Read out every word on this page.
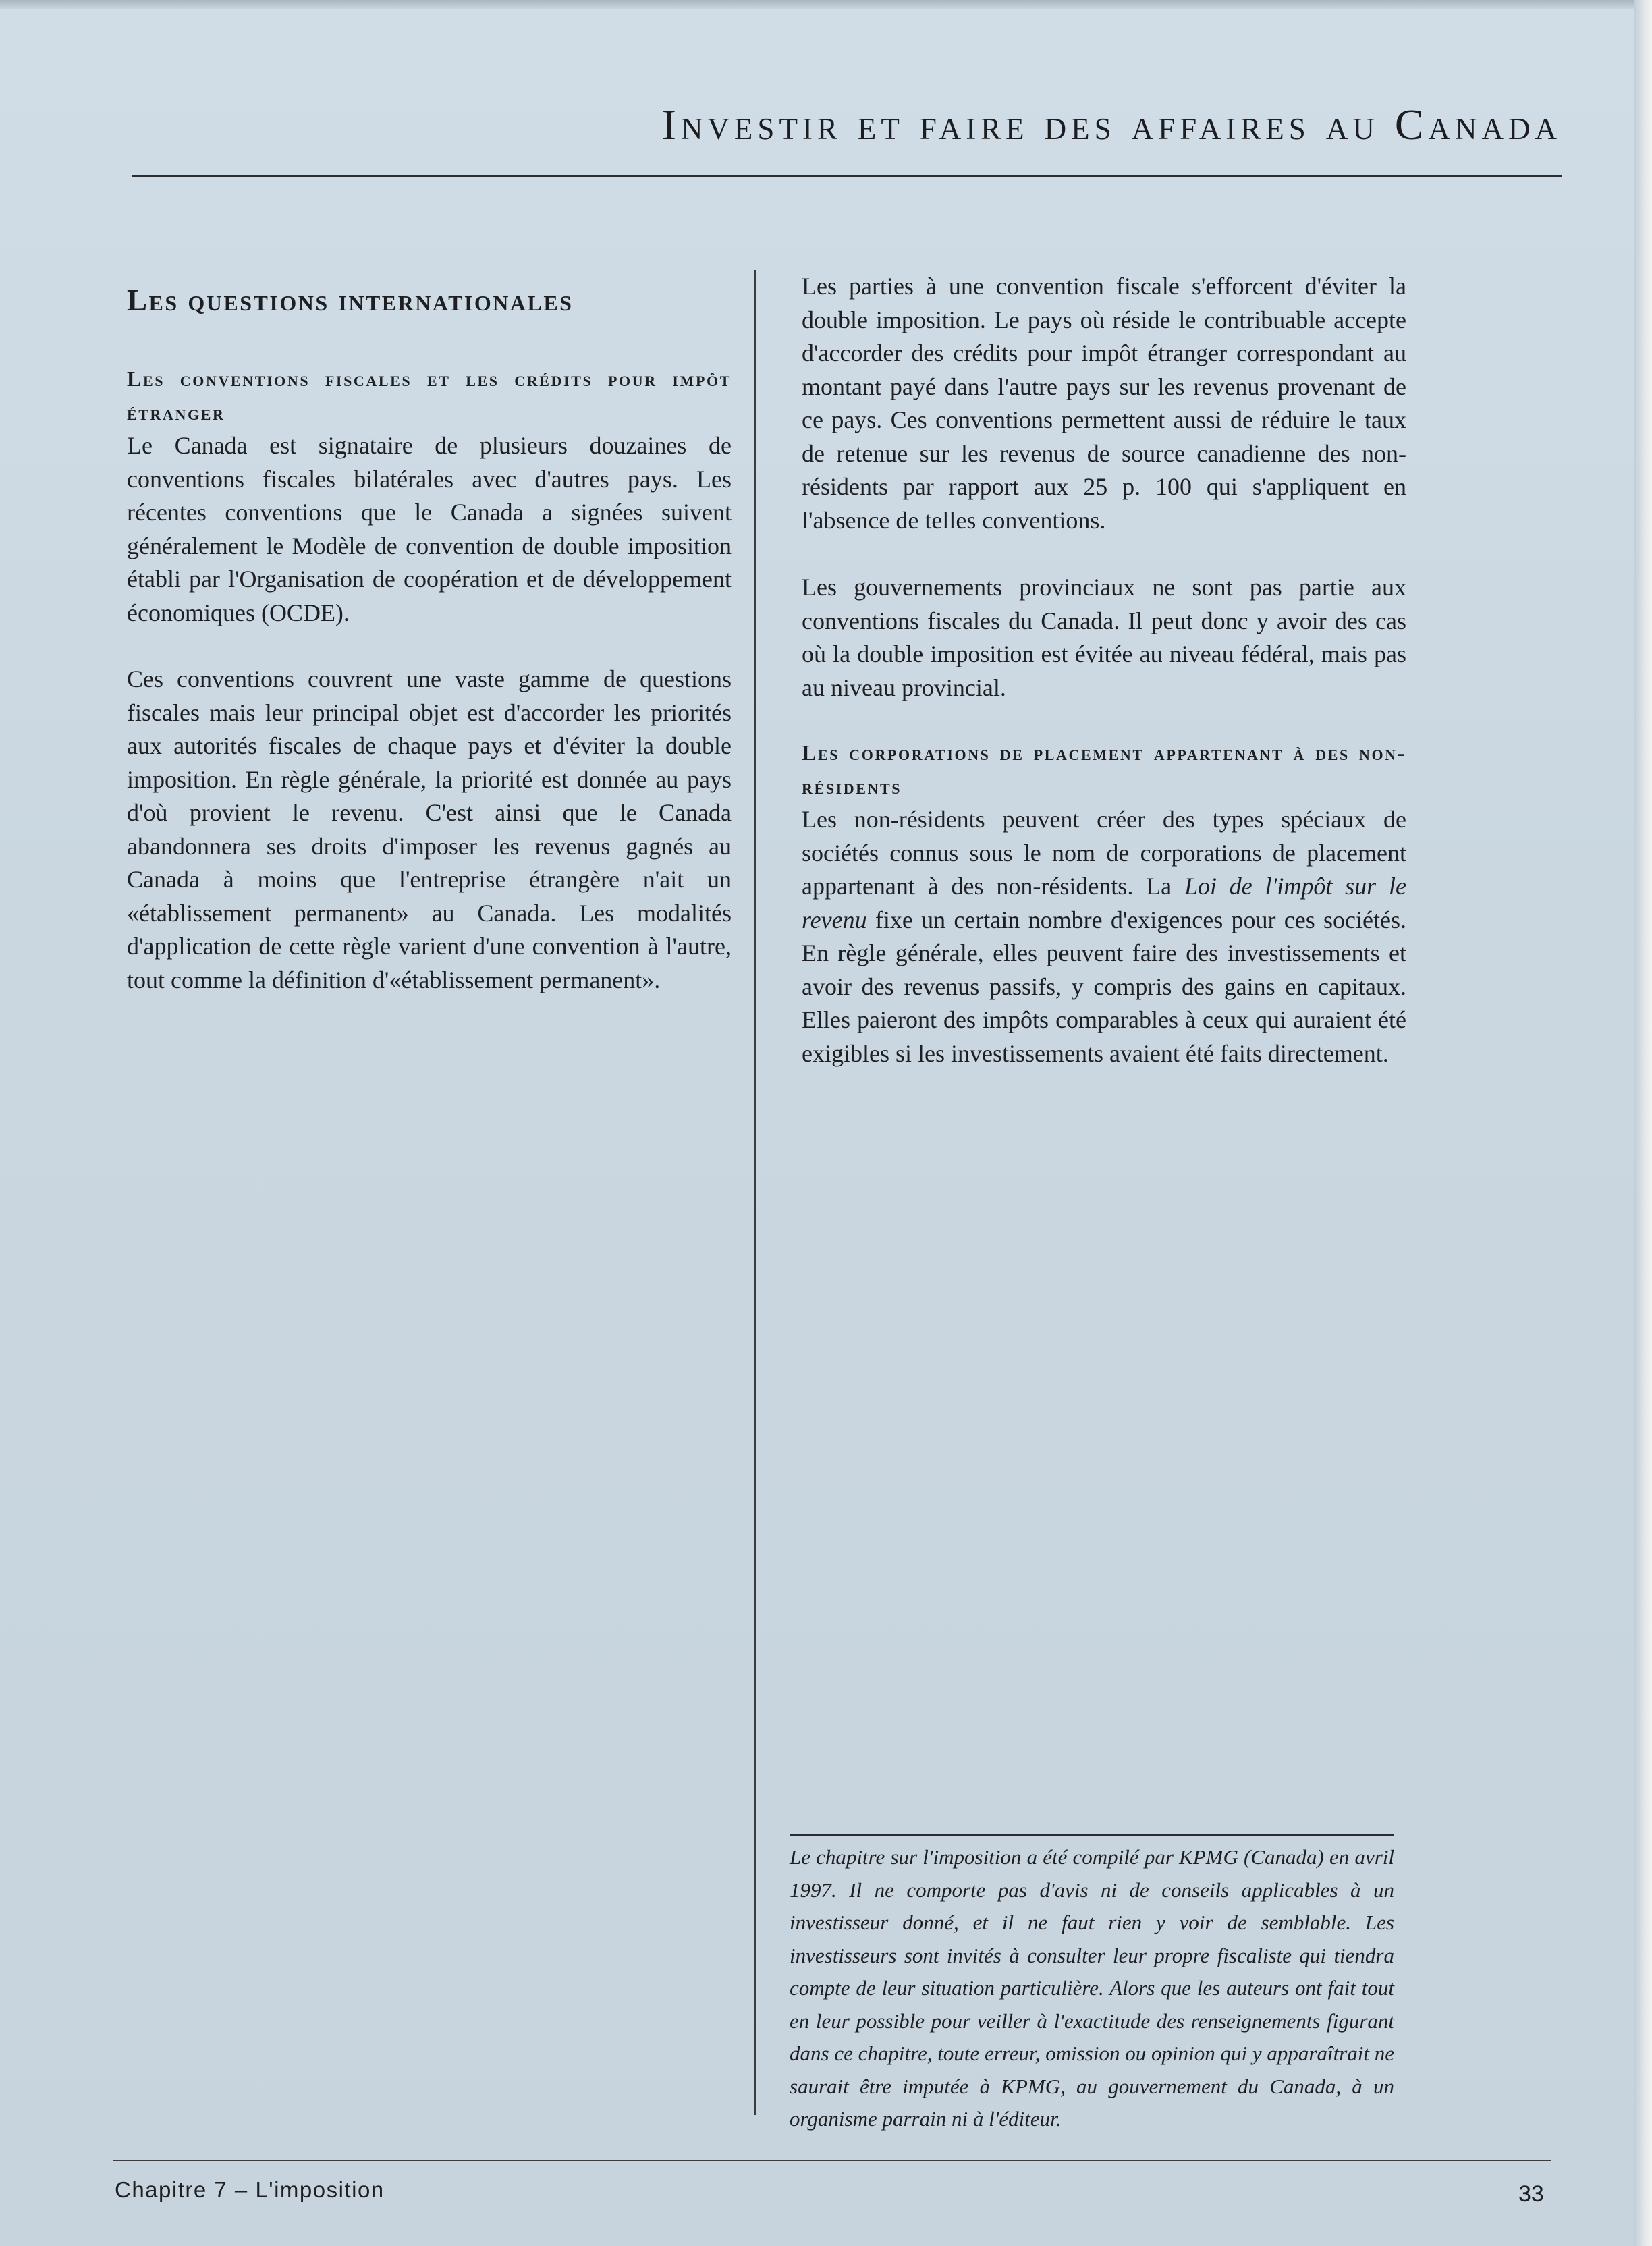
Investir et faire des affaires au Canada
Les questions internationales
Les conventions fiscales et les crédits pour impôt étranger

Le Canada est signataire de plusieurs douzaines de conventions fiscales bilatérales avec d'autres pays. Les récentes conventions que le Canada a signées suivent généralement le Modèle de convention de double imposition établi par l'Organisation de coopération et de développement économiques (OCDE).

Ces conventions couvrent une vaste gamme de questions fiscales mais leur principal objet est d'accorder les priorités aux autorités fiscales de chaque pays et d'éviter la double imposition. En règle générale, la priorité est donnée au pays d'où provient le revenu. C'est ainsi que le Canada abandonnera ses droits d'imposer les revenus gagnés au Canada à moins que l'entreprise étrangère n'ait un «établissement permanent» au Canada. Les modalités d'application de cette règle varient d'une convention à l'autre, tout comme la définition d'«établissement permanent».

Les parties à une convention fiscale s'efforcent d'éviter la double imposition. Le pays où réside le contribuable accepte d'accorder des crédits pour impôt étranger correspondant au montant payé dans l'autre pays sur les revenus provenant de ce pays. Ces conventions permettent aussi de réduire le taux de retenue sur les revenus de source canadienne des non-résidents par rapport aux 25 p. 100 qui s'appliquent en l'absence de telles conventions.

Les gouvernements provinciaux ne sont pas partie aux conventions fiscales du Canada. Il peut donc y avoir des cas où la double imposition est évitée au niveau fédéral, mais pas au niveau provincial.

Les corporations de placement appartenant à des non-résidents

Les non-résidents peuvent créer des types spéciaux de sociétés connus sous le nom de corporations de placement appartenant à des non-résidents. La Loi de l'impôt sur le revenu fixe un certain nombre d'exigences pour ces sociétés. En règle générale, elles peuvent faire des investissements et avoir des revenus passifs, y compris des gains en capitaux. Elles paieront des impôts comparables à ceux qui auraient été exigibles si les investissements avaient été faits directement.

Le chapitre sur l'imposition a été compilé par KPMG (Canada) en avril 1997. Il ne comporte pas d'avis ni de conseils applicables à un investisseur donné, et il ne faut rien y voir de semblable. Les investisseurs sont invités à consulter leur propre fiscaliste qui tiendra compte de leur situation particulière. Alors que les auteurs ont fait tout en leur possible pour veiller à l'exactitude des renseignements figurant dans ce chapitre, toute erreur, omission ou opinion qui y apparaîtrait ne saurait être imputée à KPMG, au gouvernement du Canada, à un organisme parrain ni à l'éditeur.

Chapitre 7 – L'imposition	33
